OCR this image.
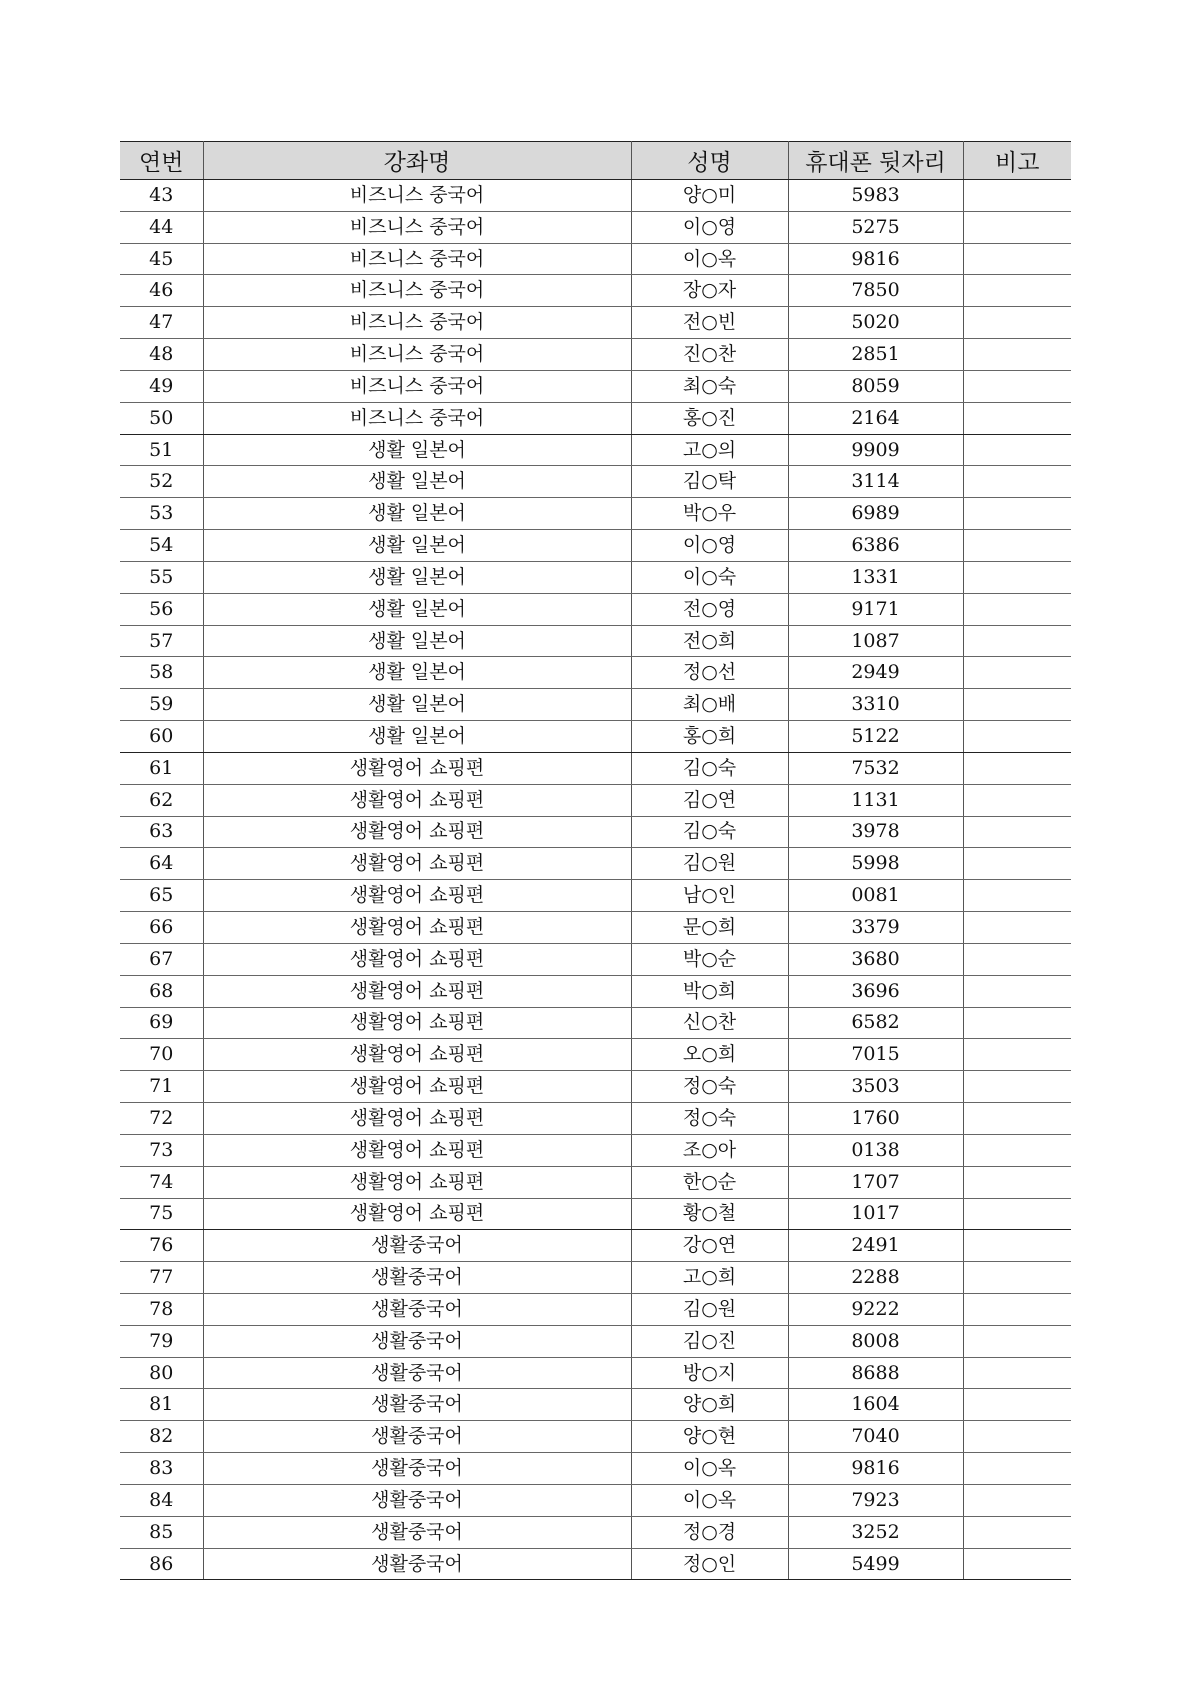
연번	강좌명	성명	휴대폰 뒷자리	비고
43	비즈니스 중국어	양○미	5983	
44	비즈니스 중국어	이○영	5275	
45	비즈니스 중국어	이○옥	9816	
46	비즈니스 중국어	장○자	7850	
47	비즈니스 중국어	전○빈	5020	
48	비즈니스 중국어	진○찬	2851	
49	비즈니스 중국어	최○숙	8059	
50	비즈니스 중국어	홍○진	2164	
51	생활 일본어	고○의	9909	
52	생활 일본어	김○탁	3114	
53	생활 일본어	박○우	6989	
54	생활 일본어	이○영	6386	
55	생활 일본어	이○숙	1331	
56	생활 일본어	전○영	9171	
57	생활 일본어	전○희	1087	
58	생활 일본어	정○선	2949	
59	생활 일본어	최○배	3310	
60	생활 일본어	홍○희	5122	
61	생활영어 쇼핑편	김○숙	7532	
62	생활영어 쇼핑편	김○연	1131	
63	생활영어 쇼핑편	김○숙	3978	
64	생활영어 쇼핑편	김○원	5998	
65	생활영어 쇼핑편	남○인	0081	
66	생활영어 쇼핑편	문○희	3379	
67	생활영어 쇼핑편	박○순	3680	
68	생활영어 쇼핑편	박○희	3696	
69	생활영어 쇼핑편	신○찬	6582	
70	생활영어 쇼핑편	오○희	7015	
71	생활영어 쇼핑편	정○숙	3503	
72	생활영어 쇼핑편	정○숙	1760	
73	생활영어 쇼핑편	조○아	0138	
74	생활영어 쇼핑편	한○순	1707	
75	생활영어 쇼핑편	황○철	1017	
76	생활중국어	강○연	2491	
77	생활중국어	고○희	2288	
78	생활중국어	김○원	9222	
79	생활중국어	김○진	8008	
80	생활중국어	방○지	8688	
81	생활중국어	양○희	1604	
82	생활중국어	양○현	7040	
83	생활중국어	이○옥	9816	
84	생활중국어	이○옥	7923	
85	생활중국어	정○경	3252	
86	생활중국어	정○인	5499	
